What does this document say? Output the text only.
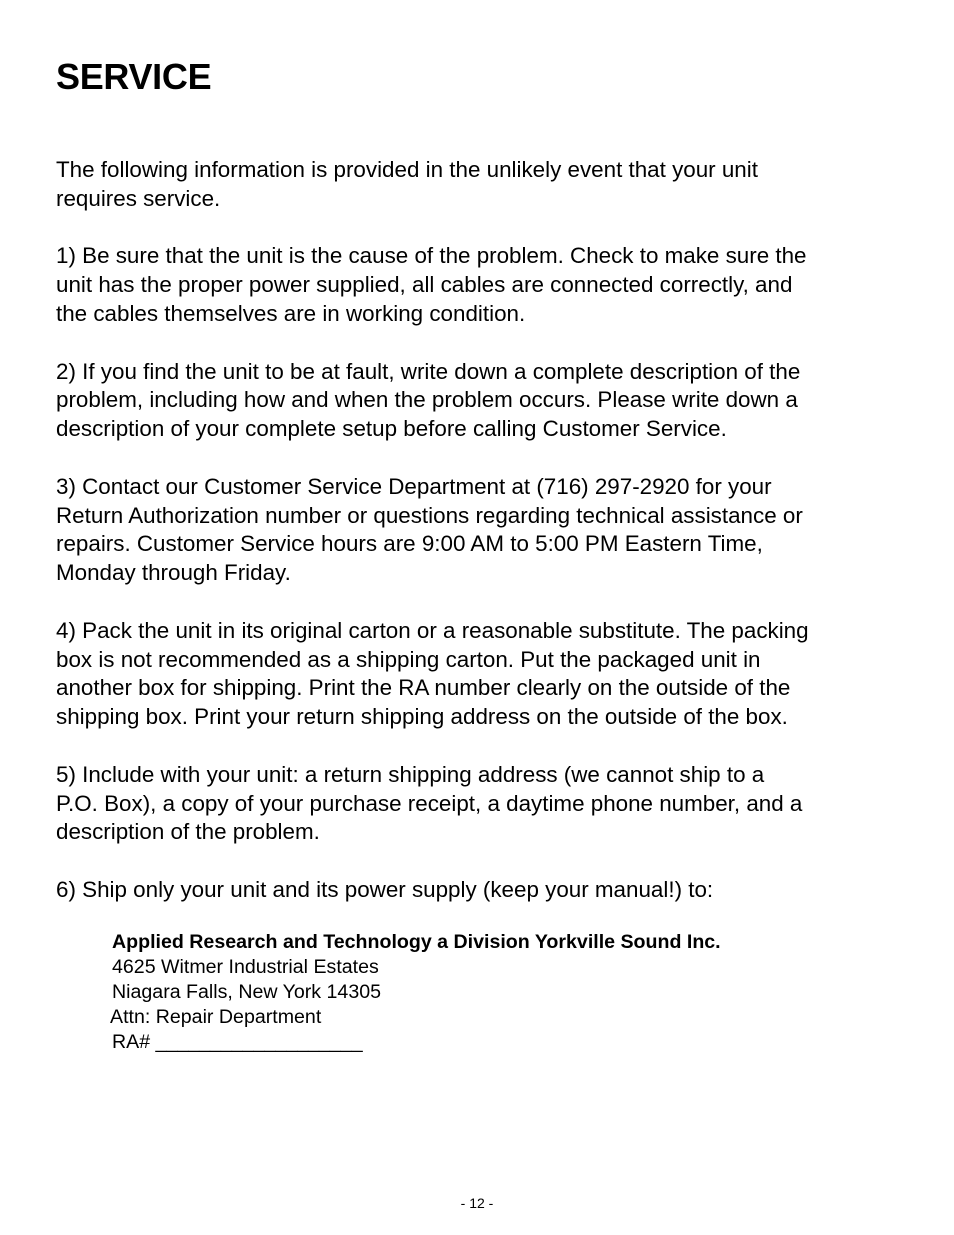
SERVICE

The following information is provided in the unlikely event that your unit
requires service.

1) Be sure that the unit is the cause of the problem. Check to make sure the
unit has the proper power supplied, all cables are connected correctly, and
the cables themselves are in working condition.

2) If you find the unit to be at fault, write down a complete description of the
problem, including how and when the problem occurs. Please write down a
description of your complete setup before calling Customer Service.

3) Contact our Customer Service Department at (716) 297-2920 for your
Return Authorization number or questions regarding technical assistance or
repairs. Customer Service hours are 9:00 AM to 5:00 PM Eastern Time,
Monday through Friday.

4) Pack the unit in its original carton or a reasonable substitute. The packing
box is not recommended as a shipping carton. Put the packaged unit in
another box for shipping. Print the RA number clearly on the outside of the
shipping box. Print your return shipping address on the outside of the box.

5) Include with your unit: a return shipping address (we cannot ship to a
P.O. Box), a copy of your purchase receipt, a daytime phone number, and a
description of the problem.

6) Ship only your unit and its power supply (keep your manual!) to:

Applied Research and Technology a Division Yorkville Sound Inc.
4625 Witmer Industrial Estates
Niagara Falls, New York 14305
Attn: Repair Department
RA# ___________________
- 12 -
